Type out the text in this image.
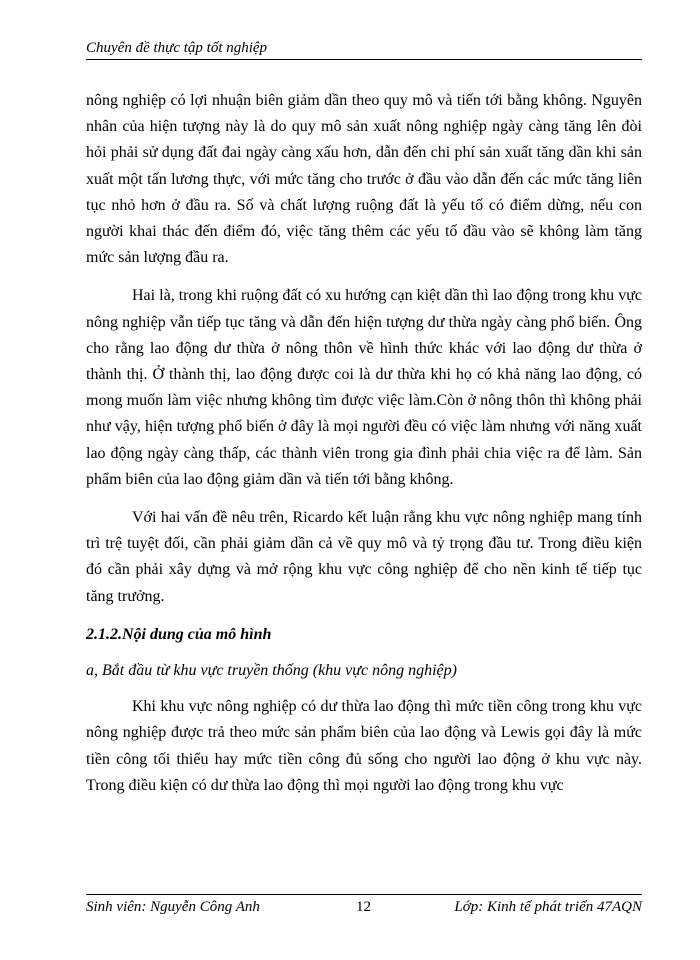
Chuyên đề thực tập tốt nghiệp

nông nghiệp có lợi nhuận biên giảm dần theo quy mô và tiến tới bằng không. Nguyên nhân của hiện tượng này là do quy mô sản xuất nông nghiệp ngày càng tăng lên đòi hỏi phải sử dụng đất đai ngày càng xấu hơn, dẫn đến chi phí sản xuất tăng dần khi sản xuất một tấn lương thực, với mức tăng cho trước ở đầu vào dẫn đến các mức tăng liên tục nhỏ hơn ở đầu ra. Số và chất lượng ruộng đất là yếu tố có điểm dừng, nếu con người khai thác đến điểm đó, việc tăng thêm các yếu tố đầu vào sẽ không làm tăng mức sản lượng đầu ra.

Hai là, trong khi ruộng đất có xu hướng cạn kiệt dần thì lao động trong khu vực nông nghiệp vẫn tiếp tục tăng và dẫn đến hiện tượng dư thừa ngày càng phổ biến. Ông cho rằng lao động dư thừa ở nông thôn về hình thức khác với lao động dư thừa ở thành thị. Ở thành thị, lao động được coi là dư thừa khi họ có khả năng lao động, có mong muốn làm việc nhưng không tìm được việc làm.Còn ở nông thôn thì không phải như vậy, hiện tượng phổ biến ở đây là mọi người đều có việc làm nhưng với năng xuất lao động ngày càng thấp, các thành viên trong gia đình phải chia việc ra để làm. Sản phẩm biên của lao động giảm dần và tiến tới bằng không.

Với hai vấn đề nêu trên, Ricardo kết luận rằng khu vực nông nghiệp mang tính trì trệ tuyệt đối, cần phải giảm dần cả về quy mô và tỷ trọng đầu tư. Trong điều kiện đó cần phải xây dựng và mở rộng khu vực công nghiệp để cho nền kinh tế tiếp tục tăng trưởng.

2.1.2.Nội dung của mô hình
a, Bắt đầu từ khu vực truyền thống (khu vực nông nghiệp)

Khi khu vực nông nghiệp có dư thừa lao động thì mức tiền công trong khu vực nông nghiệp được trả theo mức sản phẩm biên của lao động và Lewis gọi đây là mức tiền công tối thiểu hay mức tiền công đủ sống cho người lao động ở khu vực này. Trong điều kiện có dư thừa lao động thì mọi người lao động trong khu vực

Sinh viên: Nguyễn Công Anh	12	Lớp: Kinh tế phát triển 47AQN
